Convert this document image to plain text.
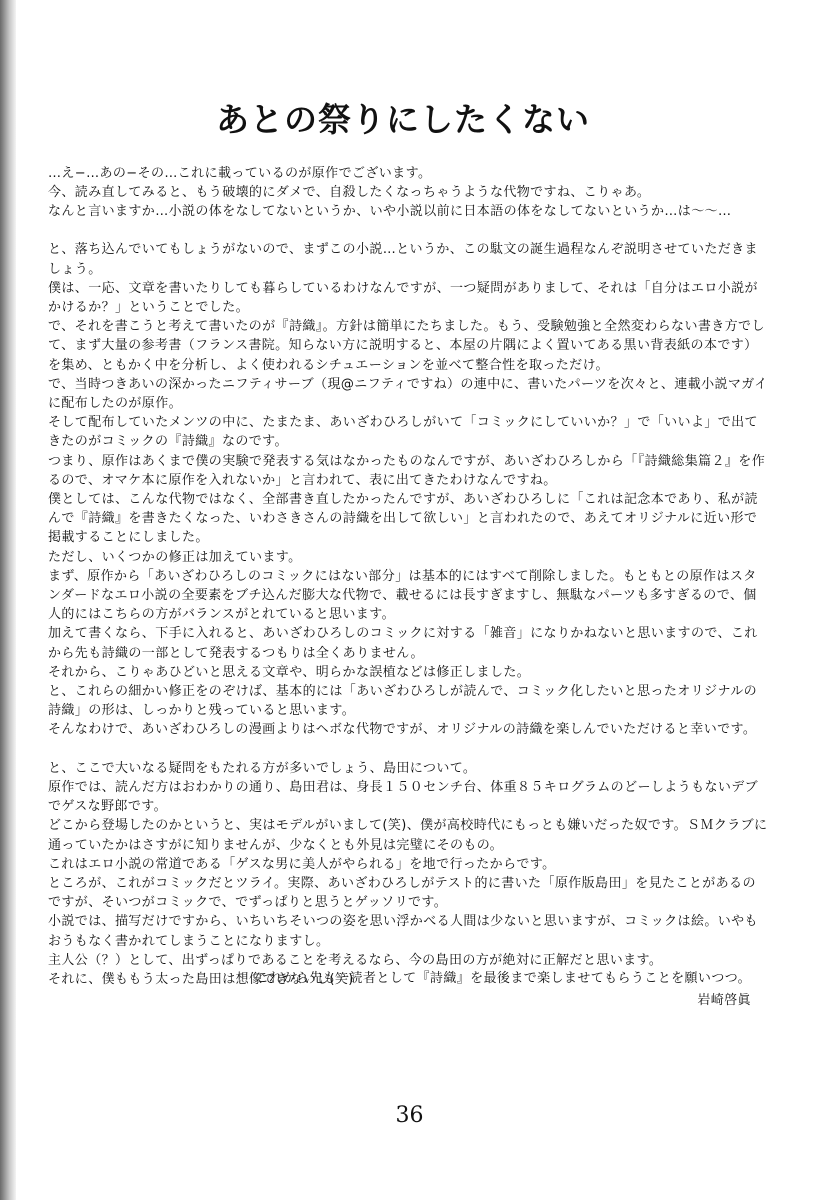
あとの祭りにしたくない

…え−…あの−その…これに載っているのが原作でございます。

今、読み直してみると、もう破壊的にダメで、自殺したくなっちゃうような代物ですね、こりゃあ。

なんと言いますか…小説の体をなしてないというか、いや小説以前に日本語の体をなしてないというか…は〜〜…

と、落ち込んでいてもしょうがないので、まずこの小説…というか、この駄文の誕生過程なんぞ説明させていただきましょう。

僕は、一応、文章を書いたりしても暮らしているわけなんですが、一つ疑問がありまして、それは「自分はエロ小説がかけるか？」ということでした。

で、それを書こうと考えて書いたのが『詩織』。方針は簡単にたちました。もう、受験勉強と全然変わらない書き方でして、まず大量の参考書（フランス書院。知らない方に説明すると、本屋の片隅によく置いてある黒い背表紙の本です）を集め、ともかく中を分析し、よく使われるシチュエーションを並べて整合性を取っただけ。

で、当時つきあいの深かったニフティサーブ（現@ニフティですね）の連中に、書いたパーツを次々と、連載小説マガイに配布したのが原作。

そして配布していたメンツの中に、たまたま、あいざわひろしがいて「コミックにしていいか？」で「いいよ」で出てきたのがコミックの『詩織』なのです。

つまり、原作はあくまで僕の実験で発表する気はなかったものなんですが、あいざわひろしから「『詩織総集篇２』を作るので、オマケ本に原作を入れないか」と言われて、表に出てきたわけなんですね。

僕としては、こんな代物ではなく、全部書き直したかったんですが、あいざわひろしに「これは記念本であり、私が読んで『詩織』を書きたくなった、いわさきさんの詩織を出して欲しい」と言われたので、あえてオリジナルに近い形で掲載することにしました。

ただし、いくつかの修正は加えています。

まず、原作から「あいざわひろしのコミックにはない部分」は基本的にはすべて削除しました。もともとの原作はスタンダードなエロ小説の全要素をブチ込んだ膨大な代物で、載せるには長すぎますし、無駄なパーツも多すぎるので、個人的にはこちらの方がバランスがとれていると思います。

加えて書くなら、下手に入れると、あいざわひろしのコミックに対する「雑音」になりかねないと思いますので、これから先も詩織の一部として発表するつもりは全くありません。

それから、こりゃあひどいと思える文章や、明らかな誤植などは修正しました。

と、これらの細かい修正をのぞけば、基本的には「あいざわひろしが読んで、コミック化したいと思ったオリジナルの詩織」の形は、しっかりと残っていると思います。

そんなわけで、あいざわひろしの漫画よりはヘボな代物ですが、オリジナルの詩織を楽しんでいただけると幸いです。

と、ここで大いなる疑問をもたれる方が多いでしょう、島田について。

原作では、読んだ方はおわかりの通り、島田君は、身長１５０センチ台、体重８５キログラムのどーしようもないデブでゲスな野郎です。

どこから登場したのかというと、実はモデルがいまして(笑)、僕が高校時代にもっとも嫌いだった奴です。ＳＭクラブに通っていたかはさすがに知りませんが、少なくとも外見は完璧にそのもの。

これはエロ小説の常道である「ゲスな男に美人がやられる」を地で行ったからです。

ところが、これがコミックだとツライ。実際、あいざわひろしがテスト的に書いた「原作版島田」を見たことがあるのですが、そいつがコミックで、でずっぱりと思うとゲッソリです。

小説では、描写だけですから、いちいちそいつの姿を思い浮かべる人間は少ないと思いますが、コミックは絵。いやもおうもなく書かれてしまうことになりますし。

主人公（？）として、出ずっぱりであることを考えるなら、今の島田の方が絶対に正解だと思います。

それに、僕ももう太った島田は想像できないし(笑)

これから先も一読者として『詩織』を最後まで楽しませてもらうことを願いつつ。
岩崎啓眞
36
